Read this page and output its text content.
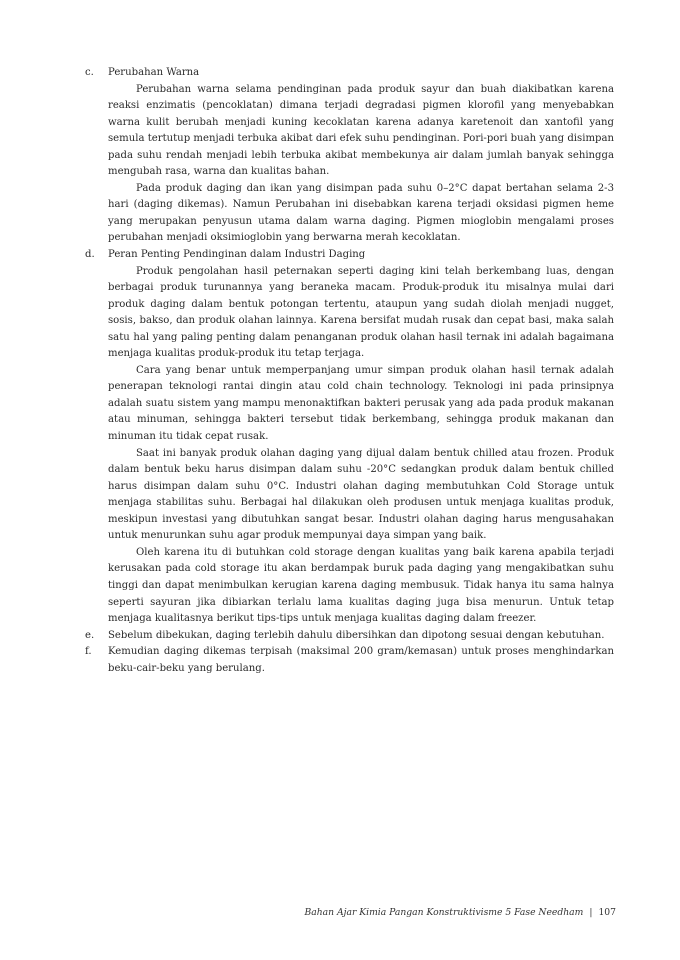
c. Perubahan Warna

Perubahan warna selama pendinginan pada produk sayur dan buah diakibatkan karena reaksi enzimatis (pencoklatan) dimana terjadi degradasi pigmen klorofil yang menyebabkan warna kulit berubah menjadi kuning kecoklatan karena adanya karetenoit dan xantofil yang semula tertutup menjadi terbuka akibat dari efek suhu pendinginan. Pori-pori buah yang disimpan pada suhu rendah menjadi lebih terbuka akibat membekunya air dalam jumlah banyak sehingga mengubah rasa, warna dan kualitas bahan.

Pada produk daging dan ikan yang disimpan pada suhu 0–2°C dapat bertahan selama 2-3 hari (daging dikemas). Namun Perubahan ini disebabkan karena terjadi oksidasi pigmen heme yang merupakan penyusun utama dalam warna daging. Pigmen mioglobin mengalami proses perubahan menjadi oksimioglobin yang berwarna merah kecoklatan.

d. Peran Penting Pendinginan dalam Industri Daging

Produk pengolahan hasil peternakan seperti daging kini telah berkembang luas, dengan berbagai produk turunannya yang beraneka macam. Produk-produk itu misalnya mulai dari produk daging dalam bentuk potongan tertentu, ataupun yang sudah diolah menjadi nugget, sosis, bakso, dan produk olahan lainnya. Karena bersifat mudah rusak dan cepat basi, maka salah satu hal yang paling penting dalam penanganan produk olahan hasil ternak ini adalah bagaimana menjaga kualitas produk-produk itu tetap terjaga.

Cara yang benar untuk memperpanjang umur simpan produk olahan hasil ternak adalah penerapan teknologi rantai dingin atau cold chain technology. Teknologi ini pada prinsipnya adalah suatu sistem yang mampu menonaktifkan bakteri perusak yang ada pada produk makanan atau minuman, sehingga bakteri tersebut tidak berkembang, sehingga produk makanan dan minuman itu tidak cepat rusak.

Saat ini banyak produk olahan daging yang dijual dalam bentuk chilled atau frozen. Produk dalam bentuk beku harus disimpan dalam suhu -20°C sedangkan produk dalam bentuk chilled harus disimpan dalam suhu 0°C. Industri olahan daging membutuhkan Cold Storage untuk menjaga stabilitas suhu. Berbagai hal dilakukan oleh produsen untuk menjaga kualitas produk, meskipun investasi yang dibutuhkan sangat besar. Industri olahan daging harus mengusahakan untuk menurunkan suhu agar produk mempunyai daya simpan yang baik.

Oleh karena itu di butuhkan cold storage dengan kualitas yang baik karena apabila terjadi kerusakan pada cold storage itu akan berdampak buruk pada daging yang mengakibatkan suhu tinggi dan dapat menimbulkan kerugian karena daging membusuk. Tidak hanya itu sama halnya seperti sayuran jika dibiarkan terlalu lama kualitas daging juga bisa menurun. Untuk tetap menjaga kualitasnya berikut tips-tips untuk menjaga kualitas daging dalam freezer.

e. Sebelum dibekukan, daging terlebih dahulu dibersihkan dan dipotong sesuai dengan kebutuhan.

f. Kemudian daging dikemas terpisah (maksimal 200 gram/kemasan) untuk proses menghindarkan beku-cair-beku yang berulang.

Bahan Ajar Kimia Pangan Konstruktivisme 5 Fase Needham | 107
